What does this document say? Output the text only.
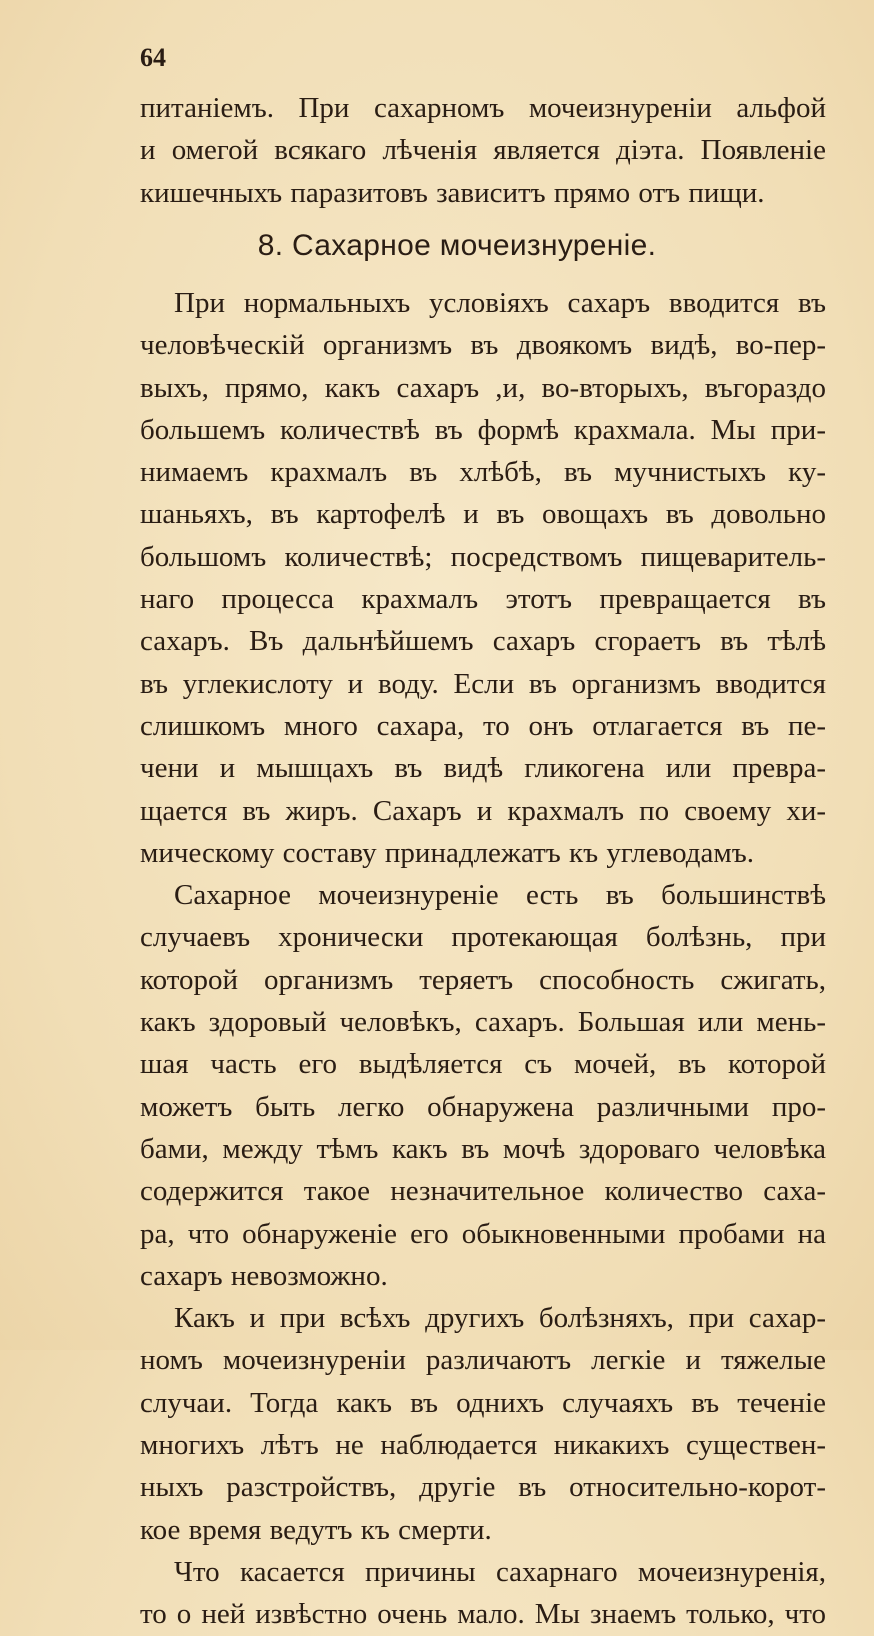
64
питаніемъ. При сахарномъ мочеизнуреніи альфой
и омегой всякаго лѣченія является діэта. Появленіе
кишечныхъ паразитовъ зависитъ прямо отъ пищи.
8. Сахарное мочеизнуреніе.
При нормальныхъ условіяхъ сахаръ вводится въ
человѣческій организмъ въ двоякомъ видѣ, во-пер-
выхъ, прямо, какъ сахаръ ,и, во-вторыхъ, въгораздо
большемъ количествѣ въ формѣ крахмала. Мы при-
нимаемъ крахмалъ въ хлѣбѣ, въ мучнистыхъ ку-
шаньяхъ, въ картофелѣ и въ овощахъ въ довольно
большомъ количествѣ; посредствомъ пищеваритель-
наго процесса крахмалъ этотъ превращается въ
сахаръ. Въ дальнѣйшемъ сахаръ сгораетъ въ тѣлѣ
въ углекислоту и воду. Если въ организмъ вводится
слишкомъ много сахара, то онъ отлагается въ пе-
чени и мышцахъ въ видѣ гликогена или превра-
щается въ жиръ. Сахаръ и крахмалъ по своему хи-
мическому составу принадлежатъ къ углеводамъ.
Сахарное мочеизнуреніе есть въ большинствѣ
случаевъ хронически протекающая болѣзнь, при
которой организмъ теряетъ способность сжигать,
какъ здоровый человѣкъ, сахаръ. Большая или мень-
шая часть его выдѣляется съ мочей, въ которой
можетъ быть легко обнаружена различными про-
бами, между тѣмъ какъ въ мочѣ здороваго человѣка
содержится такое незначительное количество саха-
ра, что обнаруженіе его обыкновенными пробами на
сахаръ невозможно.
Какъ и при всѣхъ другихъ болѣзняхъ, при сахар-
номъ мочеизнуреніи различаютъ легкіе и тяжелые
случаи. Тогда какъ въ однихъ случаяхъ въ теченіе
многихъ лѣтъ не наблюдается никакихъ существен-
ныхъ разстройствъ, другіе въ относительно-корот-
кое время ведутъ къ смерти.
Что касается причины сахарнаго мочеизнуренія,
то о ней извѣстно очень мало. Мы знаемъ только, что
